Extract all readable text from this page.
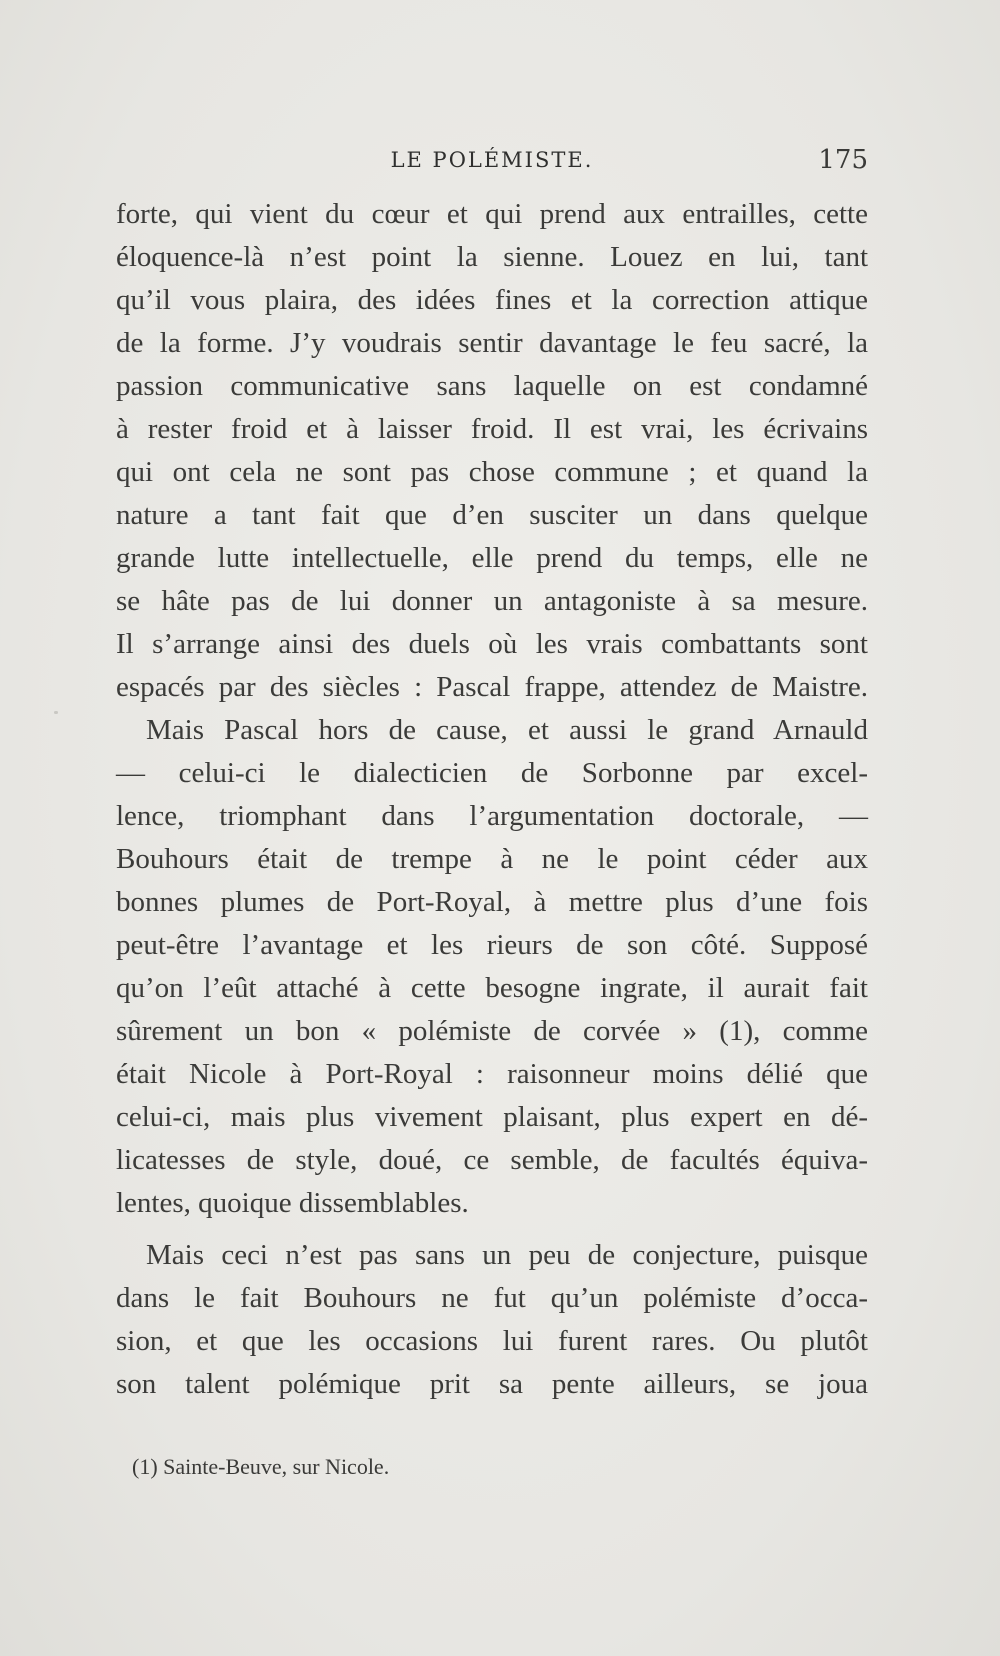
LE POLÉMISTE.	175
forte, qui vient du cœur et qui prend aux entrailles, cette
éloquence-là n’est point la sienne. Louez en lui, tant
qu’il vous plaira, des idées fines et la correction attique
de la forme. J’y voudrais sentir davantage le feu sacré, la
passion communicative sans laquelle on est condamné
à rester froid et à laisser froid. Il est vrai, les écrivains
qui ont cela ne sont pas chose commune ; et quand la
nature a tant fait que d’en susciter un dans quelque
grande lutte intellectuelle, elle prend du temps, elle ne
se hâte pas de lui donner un antagoniste à sa mesure.
Il s’arrange ainsi des duels où les vrais combattants sont
espacés par des siècles : Pascal frappe, attendez de Maistre.
Mais Pascal hors de cause, et aussi le grand Arnauld
— celui-ci le dialecticien de Sorbonne par excel-
lence, triomphant dans l’argumentation doctorale, —
Bouhours était de trempe à ne le point céder aux
bonnes plumes de Port-Royal, à mettre plus d’une fois
peut-être l’avantage et les rieurs de son côté. Supposé
qu’on l’eût attaché à cette besogne ingrate, il aurait fait
sûrement un bon « polémiste de corvée » (1), comme
était Nicole à Port-Royal : raisonneur moins délié que
celui-ci, mais plus vivement plaisant, plus expert en dé-
licatesses de style, doué, ce semble, de facultés équiva-
lentes, quoique dissemblables.
Mais ceci n’est pas sans un peu de conjecture, puisque
dans le fait Bouhours ne fut qu’un polémiste d’occa-
sion, et que les occasions lui furent rares. Ou plutôt
son talent polémique prit sa pente ailleurs, se joua
(1) Sainte-Beuve, sur Nicole.
